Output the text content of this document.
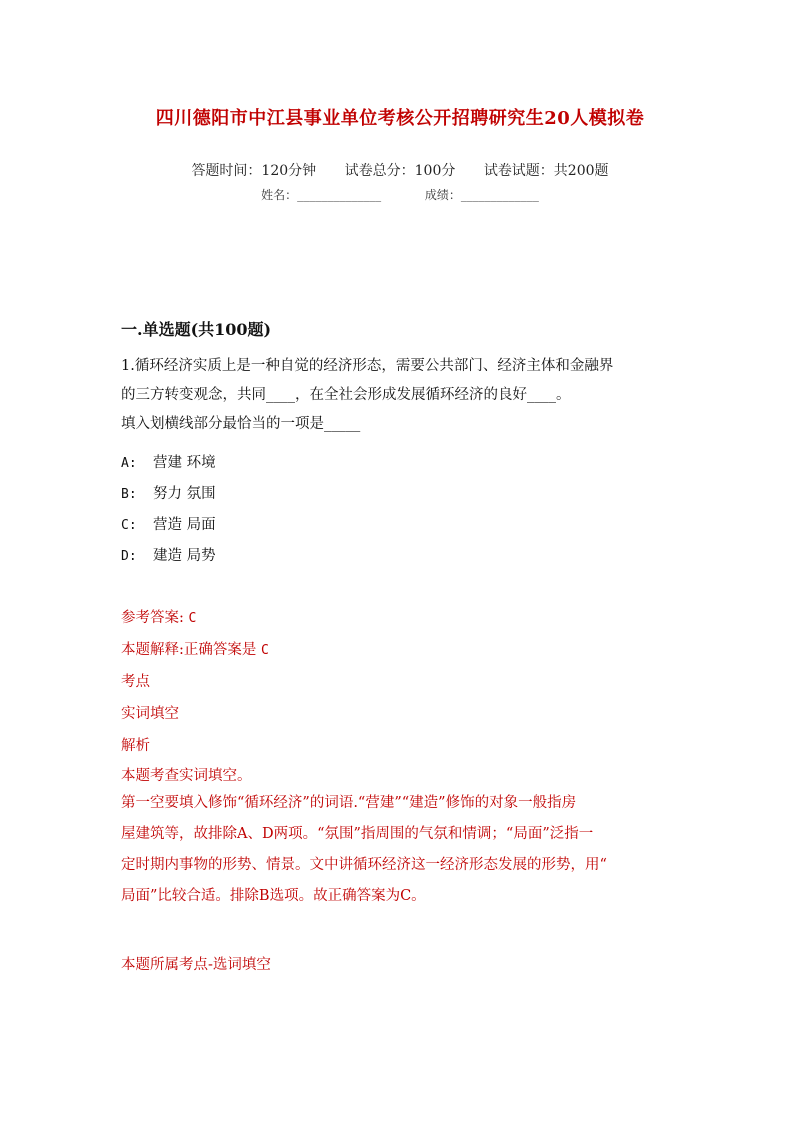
四川德阳市中江县事业单位考核公开招聘研究生20人模拟卷
答题时间：120分钟 试卷总分：100分 试卷试题：共200题
姓名：______________	成绩：_____________
一.单选题(共100题)
1.循环经济实质上是一种自觉的经济形态，需要公共部门、经济主体和金融界
的三方转变观念，共同____，在全社会形成发展循环经济的良好____。
填入划横线部分最恰当的一项是_____
A: 营建 环境
B: 努力 氛围
C: 营造 局面
D: 建造 局势
参考答案: C
本题解释:正确答案是 C
考点
实词填空
解析
本题考查实词填空。
第一空要填入修饰“循环经济”的词语.“营建”“建造”修饰的对象一般指房
屋建筑等，故排除A、D两项。“氛围”指周围的气氛和情调；“局面”泛指一
定时期内事物的形势、情景。文中讲循环经济这一经济形态发展的形势，用“
局面”比较合适。排除B选项。故正确答案为C。
本题所属考点-选词填空
